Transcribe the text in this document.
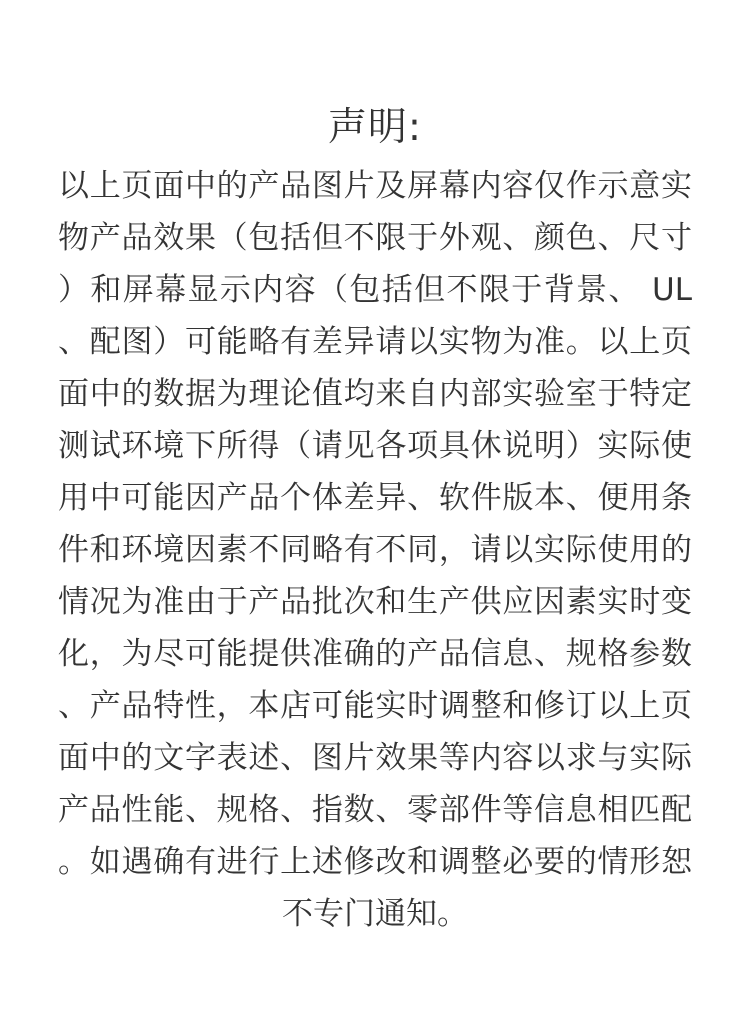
声明:
以上页面中的产品图片及屏幕内容仅作示意实
物产品效果（包括但不限于外观、颜色、尺寸
）和屏幕显示内容（包括但不限于背景、 UL
、配图）可能略有差异请以实物为准。以上页
面中的数据为理论值均来自内部实验室于特定
测试环境下所得（请见各项具休说明）实际使
用中可能因产品个体差异、软件版本、便用条
件和环境因素不同略有不同，请以实际使用的
情况为准由于产品批次和生产供应因素实时变
化，为尽可能提供准确的产品信息、规格参数
、产品特性，本店可能实时调整和修订以上页
面中的文字表述、图片效果等内容以求与实际
产品性能、规格、指数、零部件等信息相匹配
。如遇确有进行上述修改和调整必要的情形恕
不专门通知。
